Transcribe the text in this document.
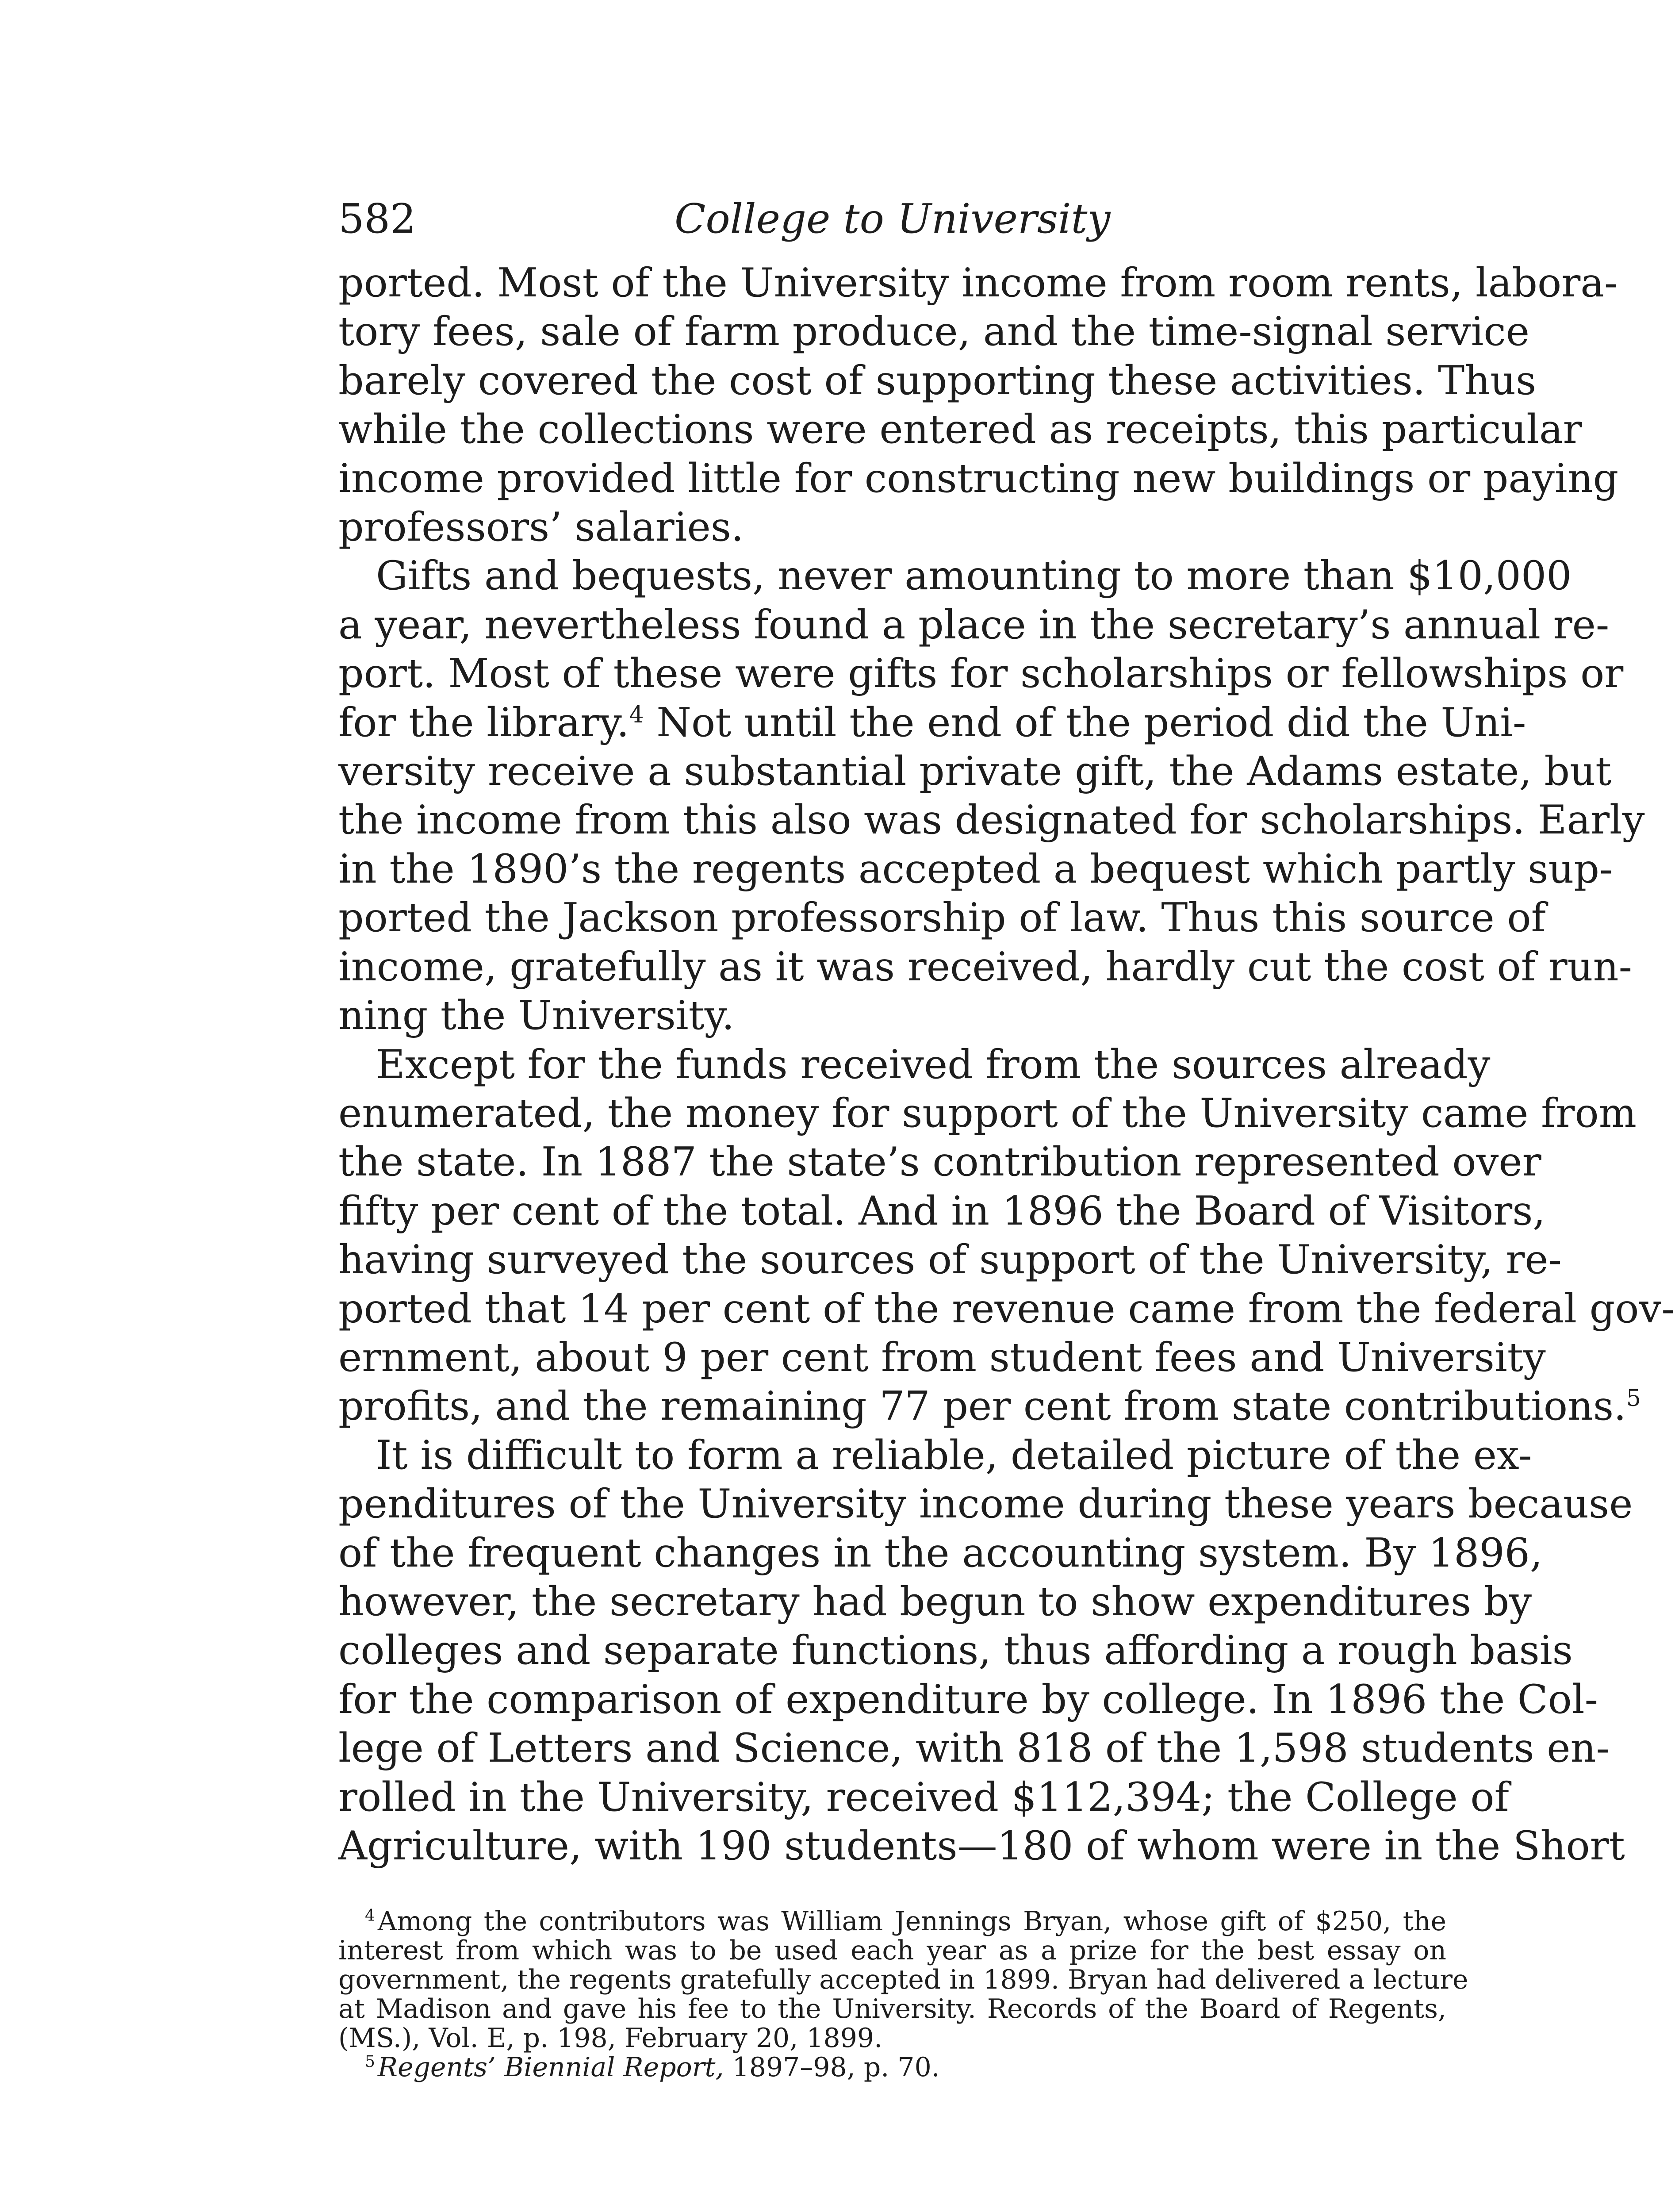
582	College to University
ported. Most of the University income from room rents, labora-
tory fees, sale of farm produce, and the time-signal service
barely covered the cost of supporting these activities. Thus
while the collections were entered as receipts, this particular
income provided little for constructing new buildings or paying
professors’ salaries.
Gifts and bequests, never amounting to more than $10,000
a year, nevertheless found a place in the secretary’s annual re-
port. Most of these were gifts for scholarships or fellowships or
for the library.$^4$ Not until the end of the period did the Uni-
versity receive a substantial private gift, the Adams estate, but
the income from this also was designated for scholarships. Early
in the 1890’s the regents accepted a bequest which partly sup-
ported the Jackson professorship of law. Thus this source of
income, gratefully as it was received, hardly cut the cost of run-
ning the University.
Except for the funds received from the sources already
enumerated, the money for support of the University came from
the state. In 1887 the state’s contribution represented over
fifty per cent of the total. And in 1896 the Board of Visitors,
having surveyed the sources of support of the University, re-
ported that 14 per cent of the revenue came from the federal gov-
ernment, about 9 per cent from student fees and University
profits, and the remaining 77 per cent from state contributions.$^5$
It is difficult to form a reliable, detailed picture of the ex-
penditures of the University income during these years because
of the frequent changes in the accounting system. By 1896,
however, the secretary had begun to show expenditures by
colleges and separate functions, thus affording a rough basis
for the comparison of expenditure by college. In 1896 the Col-
lege of Letters and Science, with 818 of the 1,598 students en-
rolled in the University, received $112,394; the College of
Agriculture, with 190 students—180 of whom were in the Short
$^4$ Among the contributors was William Jennings Bryan, whose gift of $250, the
interest from which was to be used each year as a prize for the best essay on
government, the regents gratefully accepted in 1899. Bryan had delivered a lecture
at Madison and gave his fee to the University. Records of the Board of Regents,
(MS.), Vol. E, p. 198, February 20, 1899.
$^5$ Regents’ Biennial Report, 1897–98, p. 70.
